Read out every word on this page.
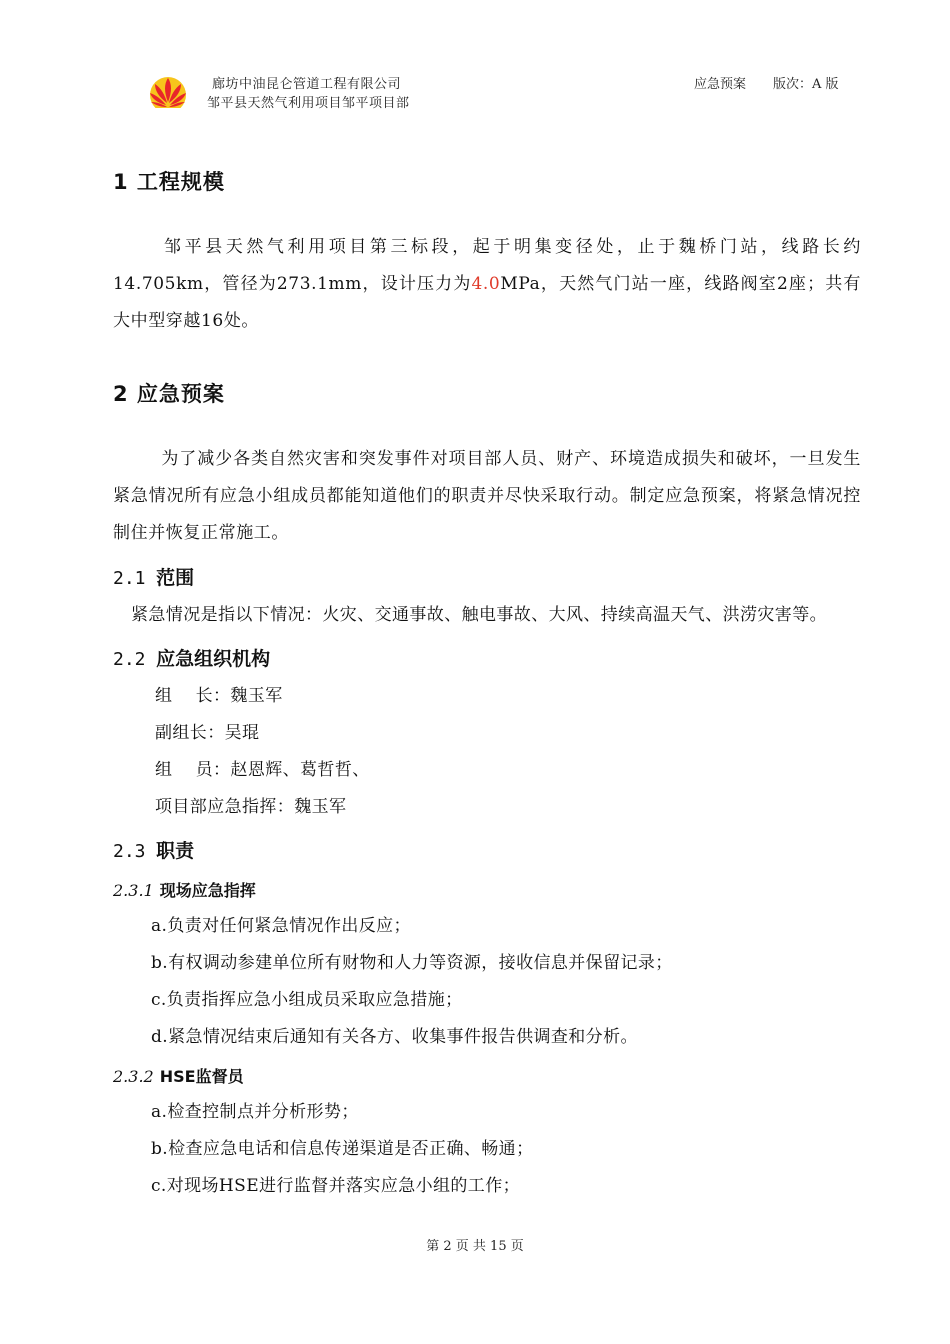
廊坊中油昆仑管道工程有限公司
邹平县天然气利用项目邹平项目部
应急预案 版次：A 版
1 工程规模
邹平县天然气利用项目第三标段，起于明集变径处，止于魏桥门站，线路长约14.705km，管径为273.1mm，设计压力为4.0MPa，天然气门站一座，线路阀室2座；共有大中型穿越16处。
2 应急预案
为了减少各类自然灾害和突发事件对项目部人员、财产、环境造成损失和破坏，一旦发生紧急情况所有应急小组成员都能知道他们的职责并尽快采取行动。制定应急预案，将紧急情况控制住并恢复正常施工。
2.1 范围
紧急情况是指以下情况：火灾、交通事故、触电事故、大风、持续高温天气、洪涝灾害等。
2.2 应急组织机构
组    长：魏玉军
副组长：吴琨
组    员：赵恩辉、葛哲哲、
项目部应急指挥：魏玉军
2.3 职责
2.3.1 现场应急指挥
a.负责对任何紧急情况作出反应；
b.有权调动参建单位所有财物和人力等资源，接收信息并保留记录；
c.负责指挥应急小组成员采取应急措施；
d.紧急情况结束后通知有关各方、收集事件报告供调查和分析。
2.3.2 HSE监督员
a.检查控制点并分析形势；
b.检查应急电话和信息传递渠道是否正确、畅通；
c.对现场HSE进行监督并落实应急小组的工作；
第 2 页 共 15 页
